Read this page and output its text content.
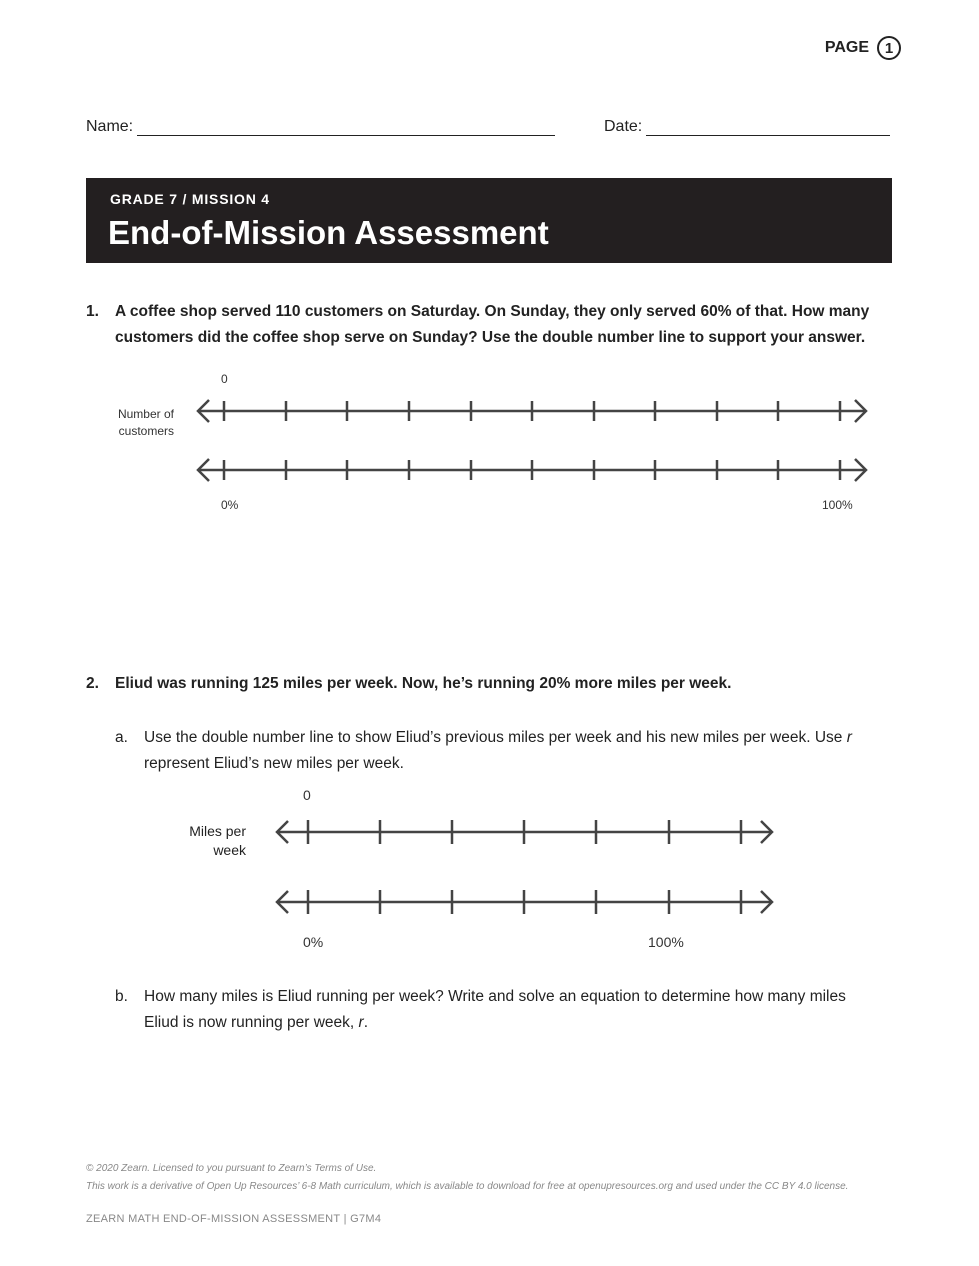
PAGE	1
Name:	Date:
GRADE 7 / MISSION 4
End-of-Mission Assessment
1. A coffee shop served 110 customers on Saturday. On Sunday, they only served 60% of that. How many
customers did the coffee shop serve on Sunday? Use the double number line to support your answer.
0
Number of
customers
0%	100%
2. Eliud was running 125 miles per week. Now, he’s running 20% more miles per week.
a. Use the double number line to show Eliud’s previous miles per week and his new miles per week. Use r
represent Eliud’s new miles per week.
0
Miles per
week
0%	100%
b. How many miles is Eliud running per week? Write and solve an equation to determine how many miles
Eliud is now running per week, r.
© 2020 Zearn. Licensed to you pursuant to Zearn’s Terms of Use.
This work is a derivative of Open Up Resources’ 6-8 Math curriculum, which is available to download for free at openupresources.org and used under the CC BY 4.0 license.
ZEARN MATH END-OF-MISSION ASSESSMENT | G7M4
